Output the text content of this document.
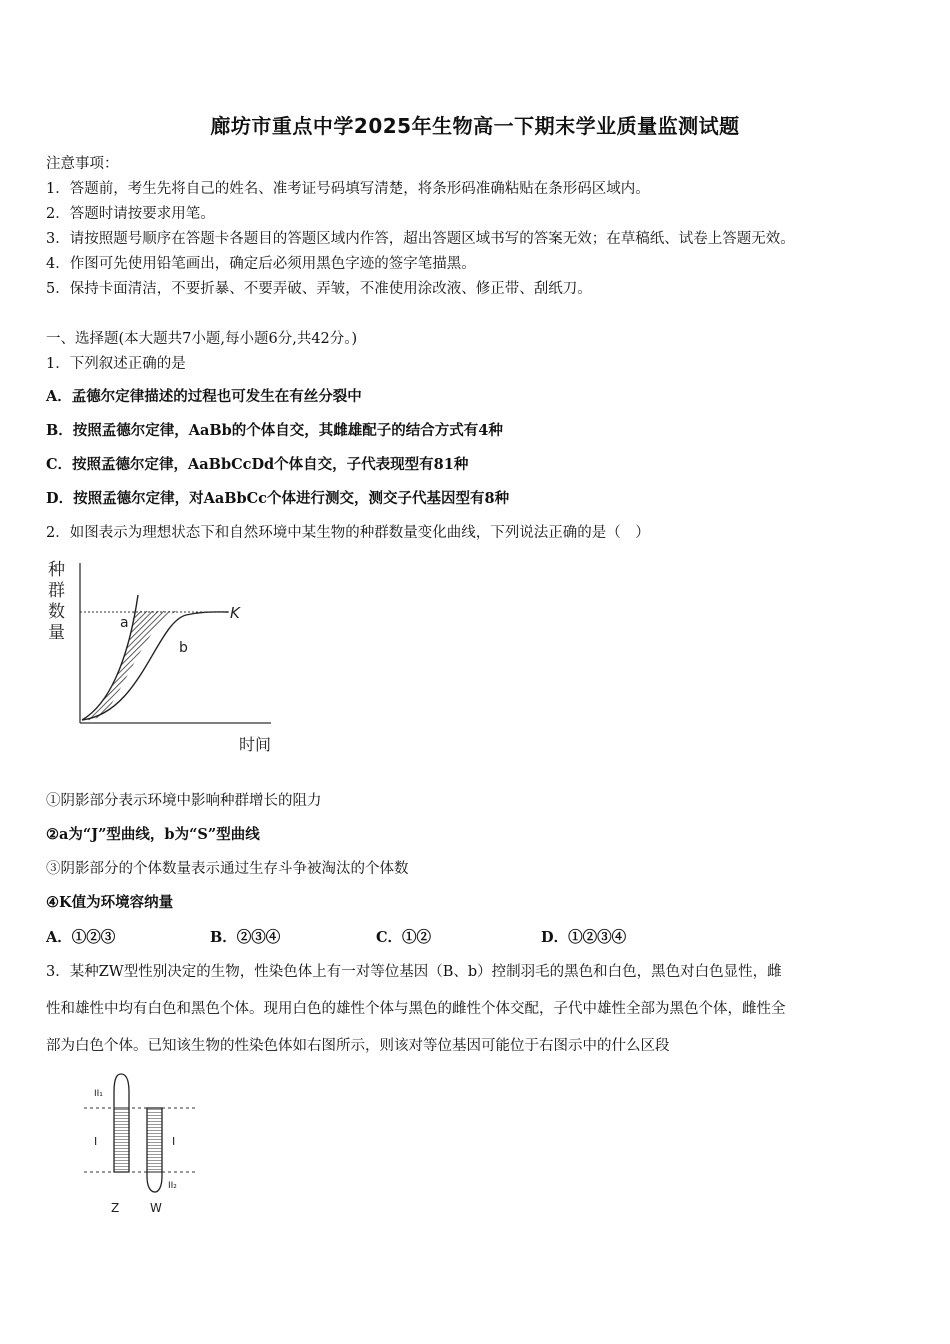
廊坊市重点中学2025年生物高一下期末学业质量监测试题
注意事项：
1．答题前，考生先将自己的姓名、准考证号码填写清楚，将条形码准确粘贴在条形码区域内。
2．答题时请按要求用笔。
3．请按照题号顺序在答题卡各题目的答题区域内作答，超出答题区域书写的答案无效；在草稿纸、试卷上答题无效。
4．作图可先使用铅笔画出，确定后必须用黑色字迹的签字笔描黑。
5．保持卡面清洁，不要折暴、不要弄破、弄皱，不准使用涂改液、修正带、刮纸刀。
一、选择题(本大题共7小题,每小题6分,共42分。)
1．下列叙述正确的是
A．孟德尔定律描述的过程也可发生在有丝分裂中
B．按照孟德尔定律，AaBb的个体自交，其雌雄配子的结合方式有4种
C．按照孟德尔定律，AaBbCcDd个体自交，子代表现型有81种
D．按照孟德尔定律，对AaBbCc个体进行测交，测交子代基因型有8种
2．如图表示为理想状态下和自然环境中某生物的种群数量变化曲线，下列说法正确的是（　）
种
群
数
量	a
b
K
时间
①阴影部分表示环境中影响种群增长的阻力
②a为“J”型曲线，b为“S”型曲线
③阴影部分的个体数量表示通过生存斗争被淘汰的个体数
④K值为环境容纳量
A．①②③	B．②③④	C．①②	D．①②③④
3．某种ZW型性别决定的生物，性染色体上有一对等位基因（B、b）控制羽毛的黑色和白色，黑色对白色显性，雌
性和雄性中均有白色和黑色个体。现用白色的雄性个体与黑色的雌性个体交配，子代中雄性全部为黑色个体，雌性全
部为白色个体。已知该生物的性染色体如右图所示，则该对等位基因可能位于右图示中的什么区段
II₁
I	I
II₂
Z	W
